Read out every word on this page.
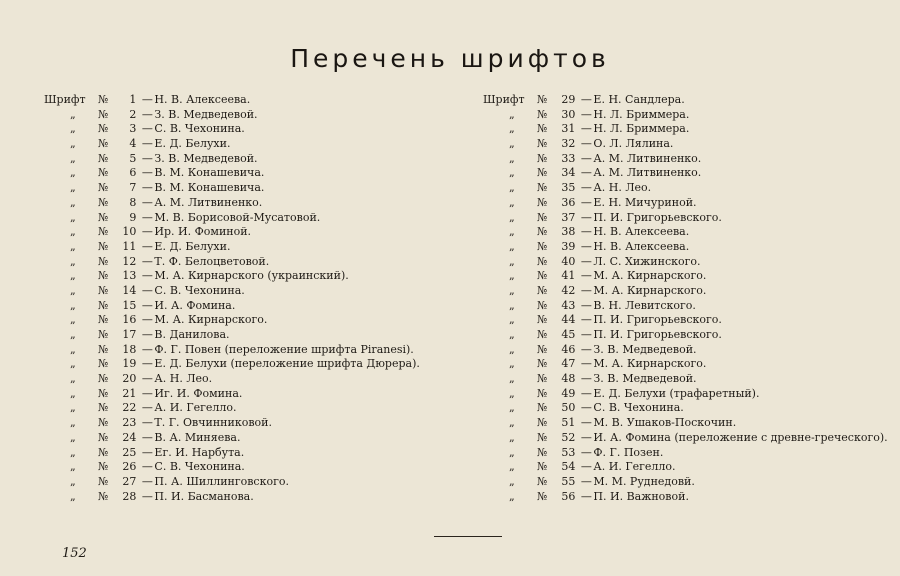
Перечень шрифтов
Шрифт	№	1 — Н. В. Алексеева.
„	№	2 — З. В. Медведевой.
„	№	3 — С. В. Чехонина.
„	№	4 — Е. Д. Белухи.
„	№	5 — З. В. Медведевой.
„	№	6 — В. М. Конашевича.
„	№	7 — В. М. Конашевича.
„	№	8 — А. М. Литвиненко.
„	№	9 — М. В. Борисовой-Мусатовой.
„	№	10 — Ир. И. Фоминой.
„	№	11 — Е. Д. Белухи.
„	№	12 — Т. Ф. Белоцветовой.
„	№	13 — М. А. Кирнарского (украинский).
„	№	14 — С. В. Чехонина.
„	№	15 — И. А. Фомина.
„	№	16 — М. А. Кирнарского.
„	№	17 — В. Данилова.
„	№	18 — Ф. Г. Повен (переложение шрифта Piranesi).
„	№	19 — Е. Д. Белухи (переложение шрифта Дюрера).
„	№	20 — А. Н. Лео.
„	№	21 — Иг. И. Фомина.
„	№	22 — А. И. Гегелло.
„	№	23 — Т. Г. Овчинниковой.
„	№	24 — В. А. Миняева.
„	№	25 — Ег. И. Нарбута.
„	№	26 — С. В. Чехонина.
„	№	27 — П. А. Шиллинговского.
„	№	28 — П. И. Басманова.
Шрифт	№	29 — Е. Н. Сандлера.
„	№	30 — Н. Л. Бриммера.
„	№	31 — Н. Л. Бриммера.
„	№	32 — О. Л. Лялина.
„	№	33 — А. М. Литвиненко.
„	№	34 — А. М. Литвиненко.
„	№	35 — А. Н. Лео.
„	№	36 — Е. Н. Мичуриной.
„	№	37 — П. И. Григорьевского.
„	№	38 — Н. В. Алексеева.
„	№	39 — Н. В. Алексеева.
„	№	40 — Л. С. Хижинского.
„	№	41 — М. А. Кирнарского.
„	№	42 — М. А. Кирнарского.
„	№	43 — В. Н. Левитского.
„	№	44 — П. И. Григорьевского.
„	№	45 — П. И. Григорьевского.
„	№	46 — З. В. Медведевой.
„	№	47 — М. А. Кирнарского.
„	№	48 — З. В. Медведевой.
„	№	49 — Е. Д. Белухи (трафаретный).
„	№	50 — С. В. Чехонина.
„	№	51 — М. В. Ушаков-Поскочин.
„	№	52 — И. А. Фомина (переложение с древне-греческого).
„	№	53 — Ф. Г. Позен.
„	№	54 — А. И. Гегелло.
„	№	55 — М. М. Руднедовй.
„	№	56 — П. И. Важновой.
152
